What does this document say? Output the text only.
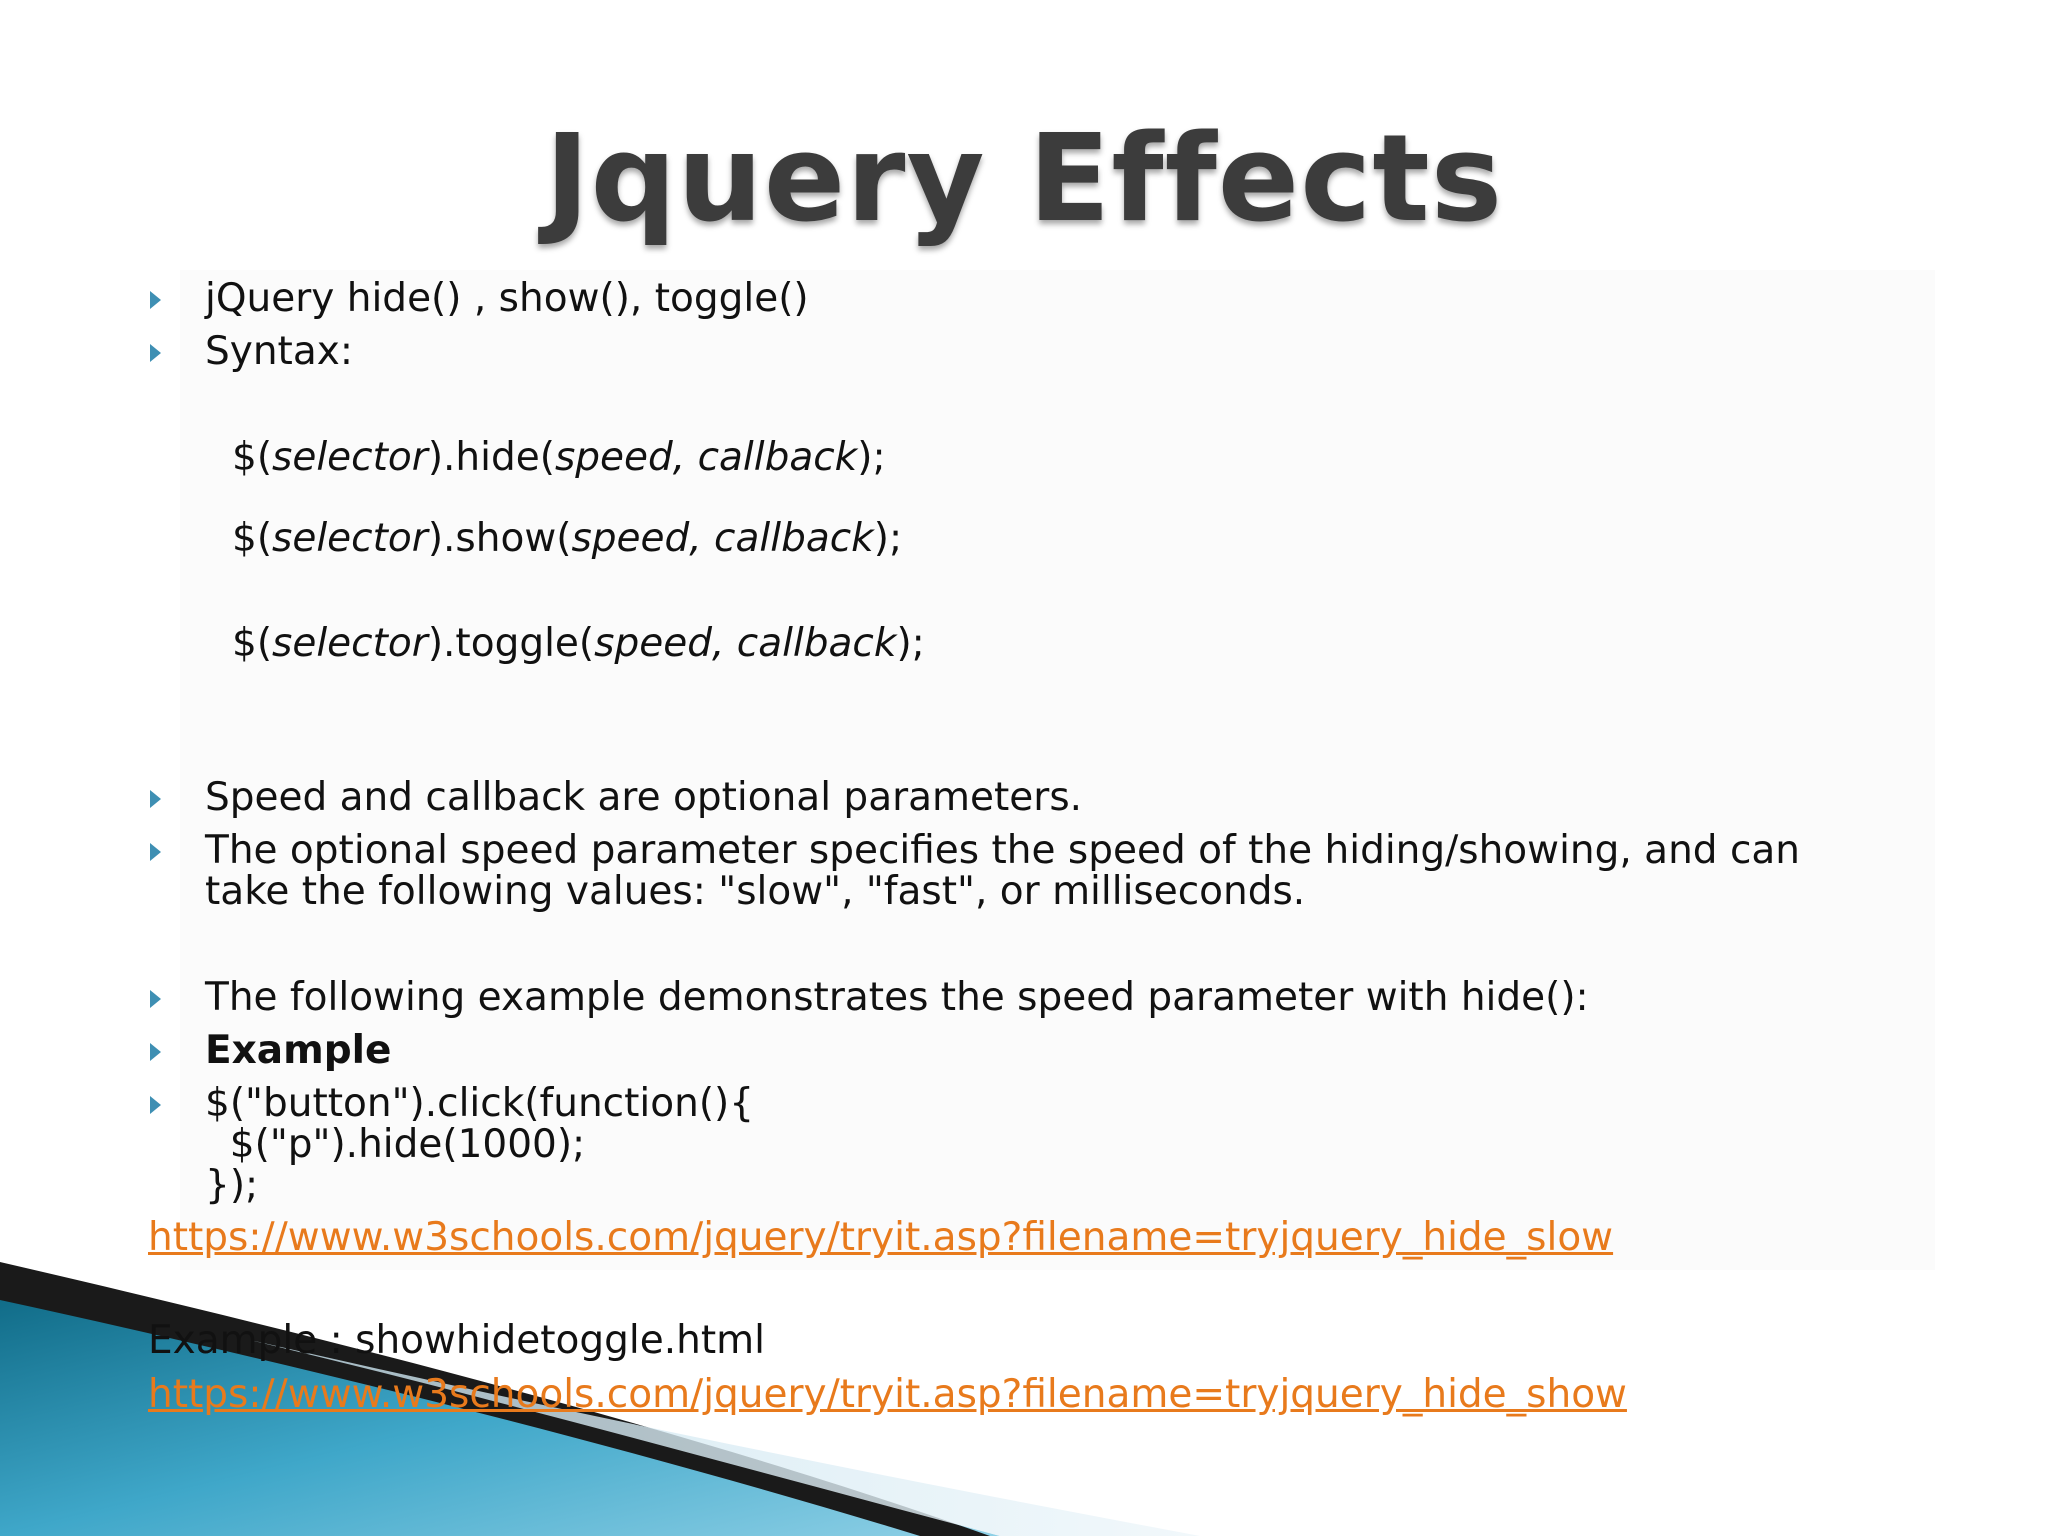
Jquery Effects
jQuery hide() , show(), toggle()
Syntax:
$(selector).hide(speed, callback);
$(selector).show(speed, callback);
$(selector).toggle(speed, callback);
Speed and callback are optional parameters.
The optional speed parameter specifies the speed of the hiding/showing, and can
take the following values: "slow", "fast", or milliseconds.
The following example demonstrates the speed parameter with hide():
Example
$("button").click(function(){
$("p").hide(1000);
});
https://www.w3schools.com/jquery/tryit.asp?filename=tryjquery_hide_slow
Example : showhidetoggle.html
https://www.w3schools.com/jquery/tryit.asp?filename=tryjquery_hide_show
